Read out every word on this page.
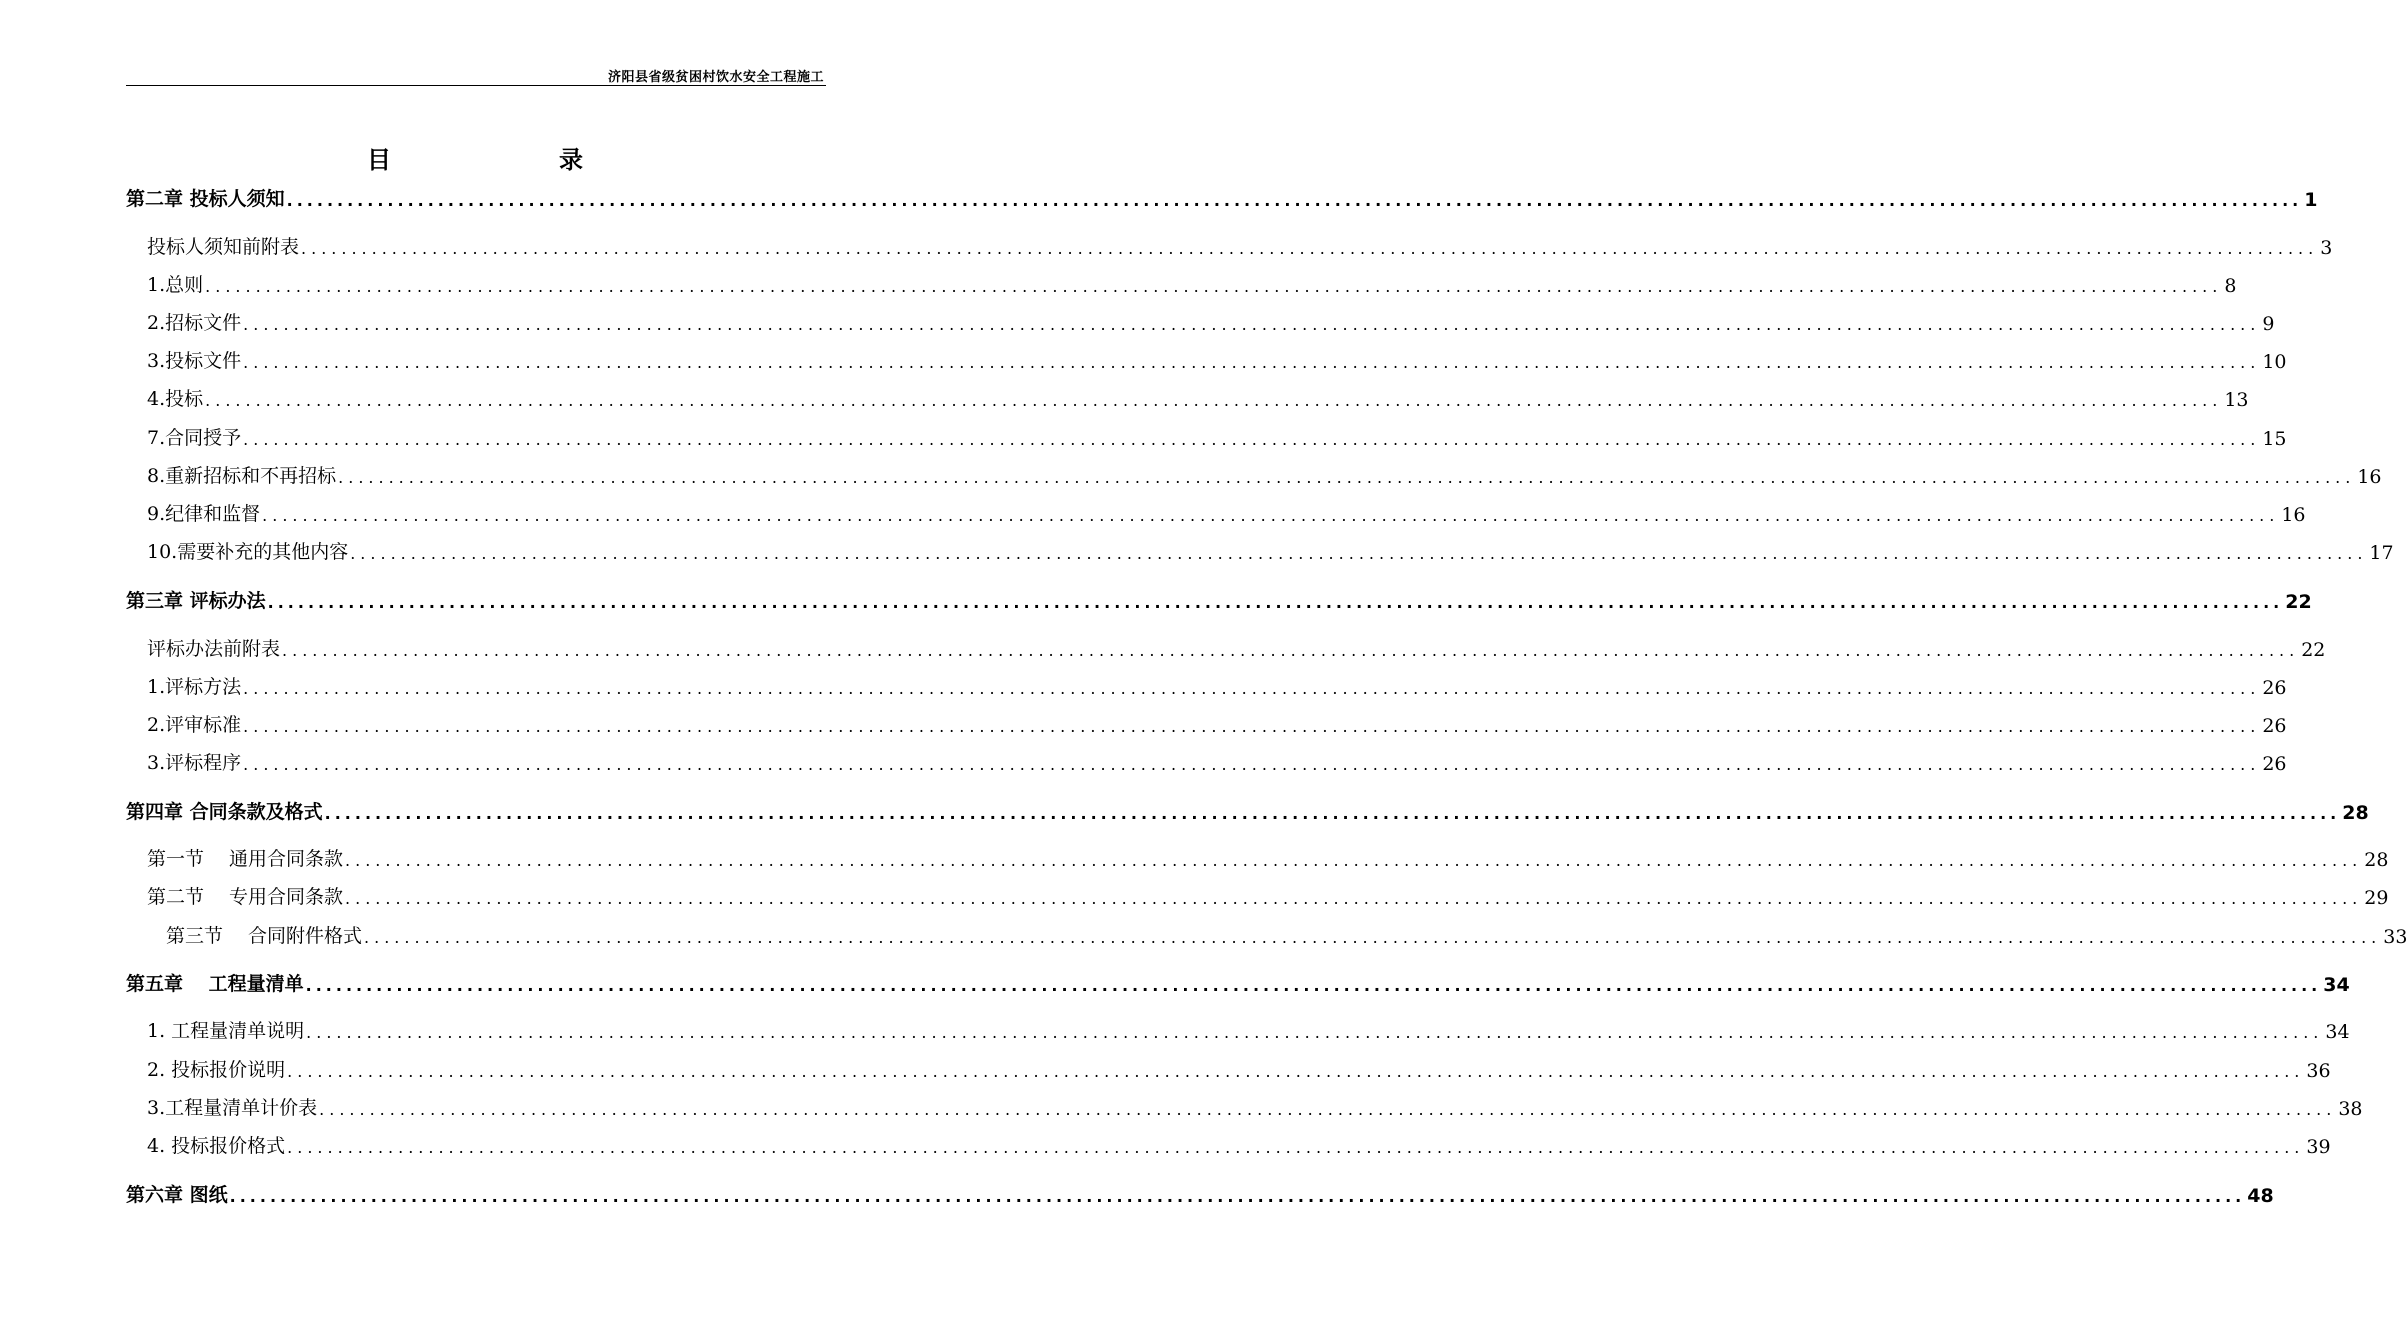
济阳县省级贫困村饮水安全工程施工
目　　录
第二章 投标人须知 ........................................................................................................................................................................................................ 1
投标人须知前附表 ........................................................................................................................................................................................................ 3
1.总则 ........................................................................................................................................................................................................ 8
2.招标文件 ........................................................................................................................................................................................................ 9
3.投标文件 ........................................................................................................................................................................................................ 10
4.投标 ........................................................................................................................................................................................................ 13
7.合同授予 ........................................................................................................................................................................................................ 15
8.重新招标和不再招标 ........................................................................................................................................................................................................ 16
9.纪律和监督 ........................................................................................................................................................................................................ 16
10.需要补充的其他内容 ........................................................................................................................................................................................................ 17
第三章 评标办法 ........................................................................................................................................................................................................ 22
评标办法前附表 ........................................................................................................................................................................................................ 22
1.评标方法 ........................................................................................................................................................................................................ 26
2.评审标准 ........................................................................................................................................................................................................ 26
3.评标程序 ........................................................................................................................................................................................................ 26
第四章 合同条款及格式 ........................................................................................................................................................................................................ 28
第一节　 通用合同条款 ........................................................................................................................................................................................................ 28
第二节　 专用合同条款 ........................................................................................................................................................................................................ 29
第三节　 合同附件格式 ........................................................................................................................................................................................................ 33
第五章　 工程量清单 ........................................................................................................................................................................................................ 34
1. 工程量清单说明 ........................................................................................................................................................................................................ 34
2. 投标报价说明 ........................................................................................................................................................................................................ 36
3.工程量清单计价表 ........................................................................................................................................................................................................ 38
4. 投标报价格式 ........................................................................................................................................................................................................ 39
第六章 图纸 ........................................................................................................................................................................................................ 48
